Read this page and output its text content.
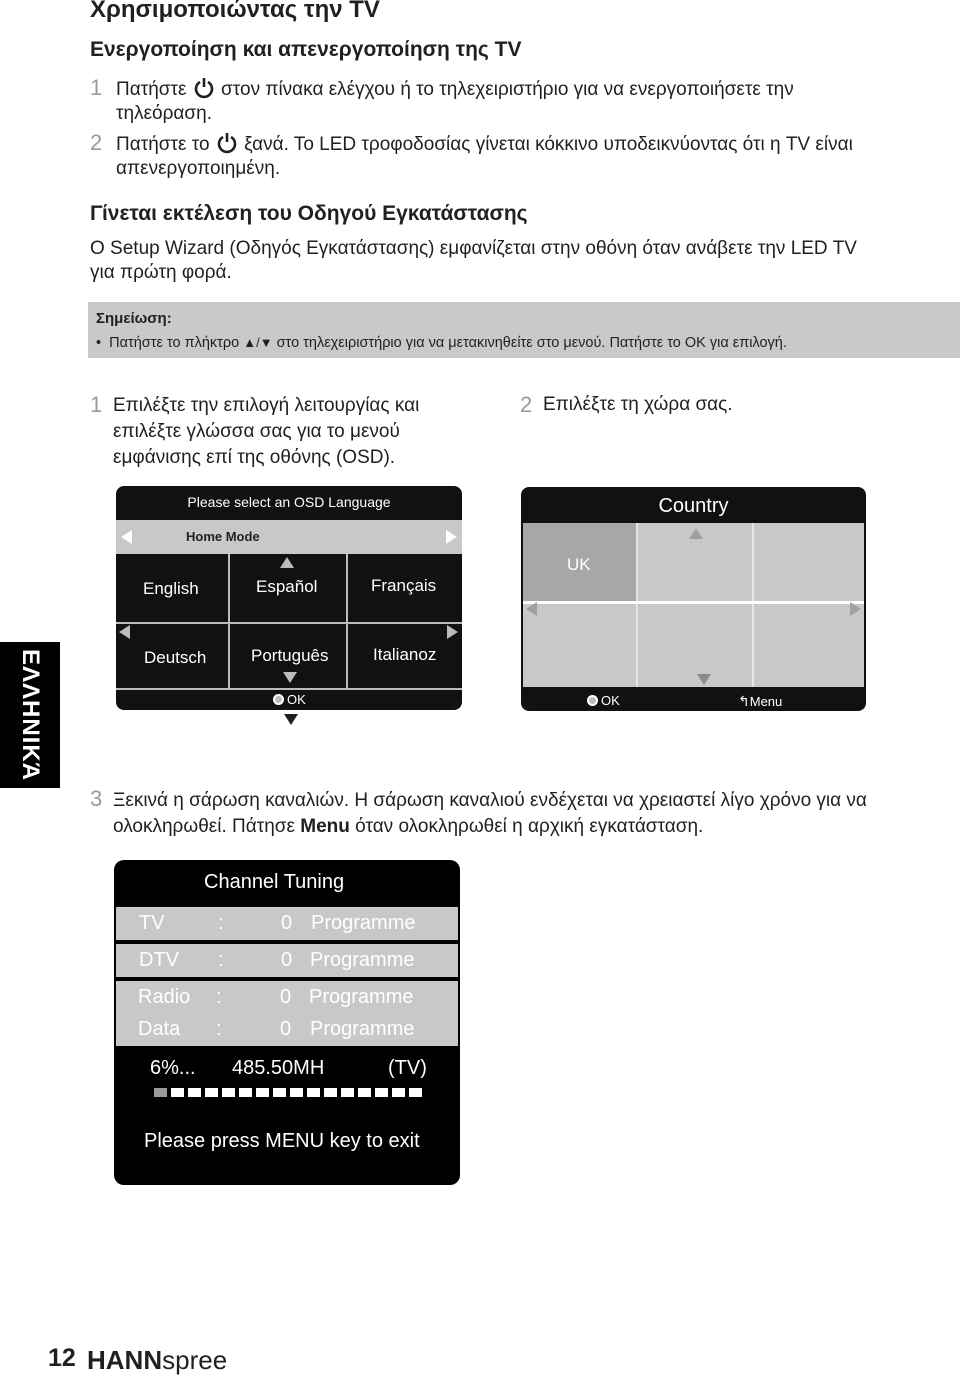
Χρησιμοποιώντας την TV
Ενεργοποίηση και απενεργοποίηση της TV
1 Πατήστε στον πίνακα ελέγχου ή το τηλεχειριστήριο για να ενεργοποιήσετε την
τηλεόραση.
2 Πατήστε το ξανά. Το LED τροφοδοσίας γίνεται κόκκινο υποδεικνύοντας ότι η TV είναι
απενεργοποιημένη.
Γίνεται εκτέλεση του Οδηγού Εγκατάστασης
Ο Setup Wizard (Οδηγός Εγκατάστασης) εμφανίζεται στην οθόνη όταν ανάβετε την LED TV
για πρώτη φορά.
Σημείωση:
• Πατήστε το πλήκτρο ▲/▼ στο τηλεχειριστήριο για να μετακινηθείτε στο μενού. Πατήστε το OK για επιλογή.
1 Επιλέξτε την επιλογή λειτουργίας και
επιλέξτε γλώσσα σας για το μενού
εμφάνισης επί της οθόνης (OSD).
2 Επιλέξτε τη χώρα σας.
Please select an OSD Language
Home Mode
English	Español	Français
Deutsch	Português	Italianoz
OK
Country
UK
OK	↰Menu
ΕΛΛΗΝΙΚΆ
3 Ξεκινά η σάρωση καναλιών. Η σάρωση καναλιού ενδέχεται να χρειαστεί λίγο χρόνο για να
ολοκληρωθεί. Πάτησε Menu όταν ολοκληρωθεί η αρχική εγκατάσταση.
Channel Tuning
TV	:	0 Programme
DTV :	0 Programme
Radio :	0 Programme
Data :	0 Programme
6%... 485.50MH	(TV)
Please press MENU key to exit
12 HANNspree
